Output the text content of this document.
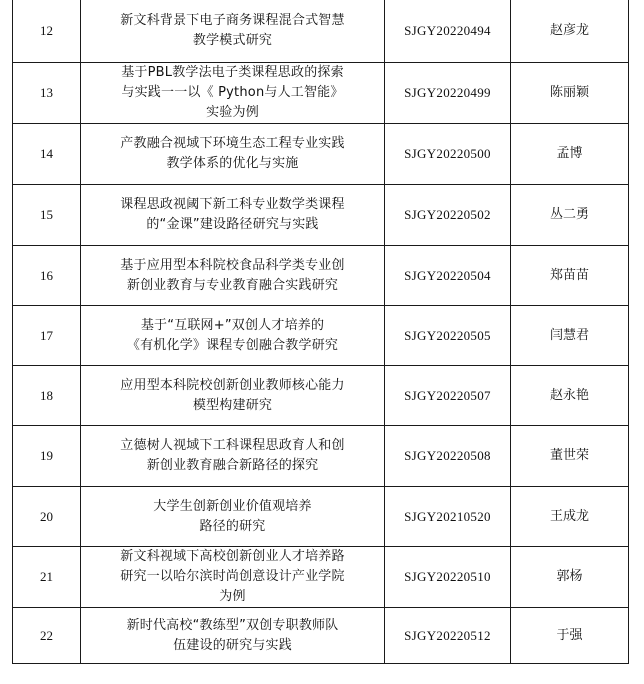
12	新文科背景下电子商务课程混合式智慧
教学模式研究	SJGY20220494	赵彦龙
13	基于PBL教学法电子类课程思政的探索
与实践一一以《 Python与人工智能》
实验为例	SJGY20220499	陈丽颖
14	产教融合视域下环境生态工程专业实践
教学体系的优化与实施	SJGY20220500	孟博
15	课程思政视阈下新工科专业数学类课程
的“金课”建设路径研究与实践	SJGY20220502	丛二勇
16	基于应用型本科院校食品科学类专业创
新创业教育与专业教育融合实践研究	SJGY20220504	郑苗苗
17	基于“互联网+”双创人才培养的
《有机化学》课程专创融合教学研究	SJGY20220505	闫慧君
18	应用型本科院校创新创业教师核心能力
模型构建研究	SJGY20220507	赵永艳
19	立德树人视域下工科课程思政育人和创
新创业教育融合新路径的探究	SJGY20220508	董世荣
20	大学生创新创业价值观培养
路径的研究	SJGY20210520	王成龙
21	新文科视域下高校创新创业人才培养路
研究一以哈尔滨时尚创意设计产业学院
为例	SJGY20220510	郭杨
22	新时代高校“教练型”双创专职教师队
伍建设的研究与实践	SJGY20220512	于强
